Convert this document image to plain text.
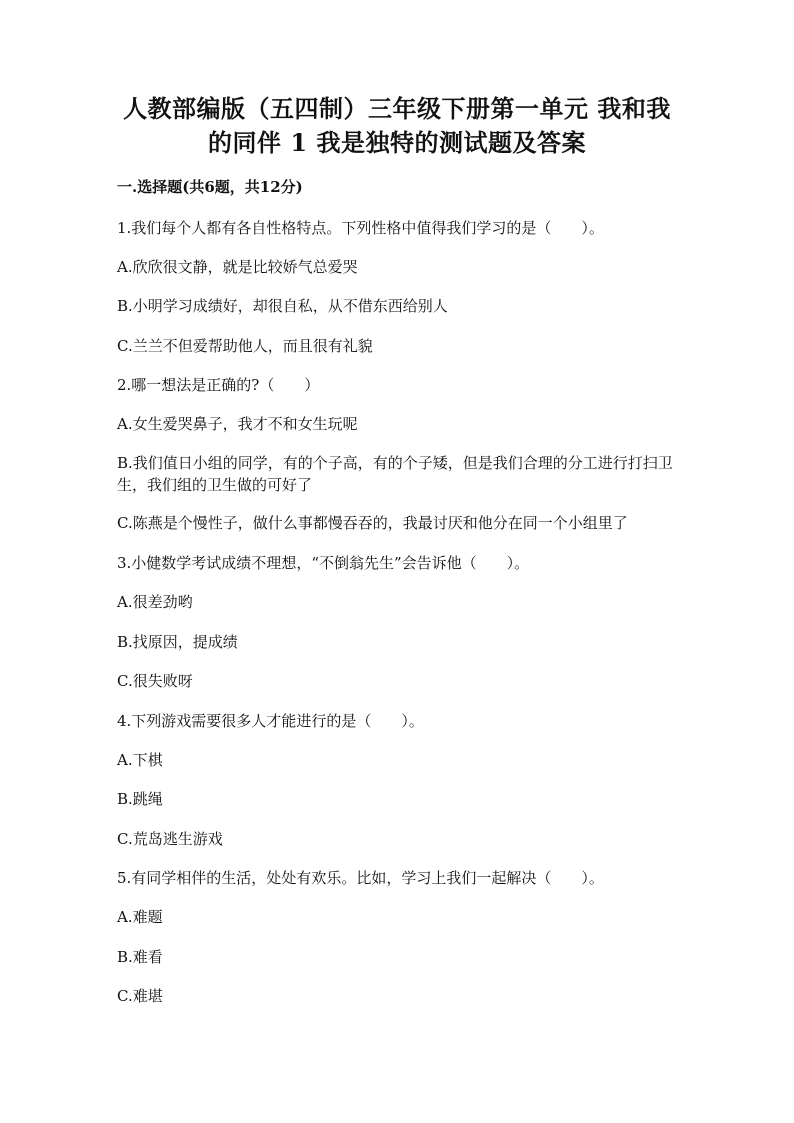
人教部编版（五四制）三年级下册第一单元 我和我
的同伴 1 我是独特的测试题及答案
一.选择题(共6题，共12分)
1.我们每个人都有各自性格特点。下列性格中值得我们学习的是（　　）。
A.欣欣很文静，就是比较娇气总爱哭
B.小明学习成绩好，却很自私，从不借东西给别人
C.兰兰不但爱帮助他人，而且很有礼貌
2.哪一想法是正确的?（　　）
A.女生爱哭鼻子，我才不和女生玩呢
B.我们值日小组的同学，有的个子高，有的个子矮，但是我们合理的分工进行打扫卫生，我们组的卫生做的可好了
C.陈燕是个慢性子，做什么事都慢吞吞的，我最讨厌和他分在同一个小组里了
3.小健数学考试成绩不理想，“不倒翁先生”会告诉他（　　）。
A.很差劲哟
B.找原因，提成绩
C.很失败呀
4.下列游戏需要很多人才能进行的是（　　）。
A.下棋
B.跳绳
C.荒岛逃生游戏
5.有同学相伴的生活，处处有欢乐。比如，学习上我们一起解决（　　）。
A.难题
B.难看
C.难堪
